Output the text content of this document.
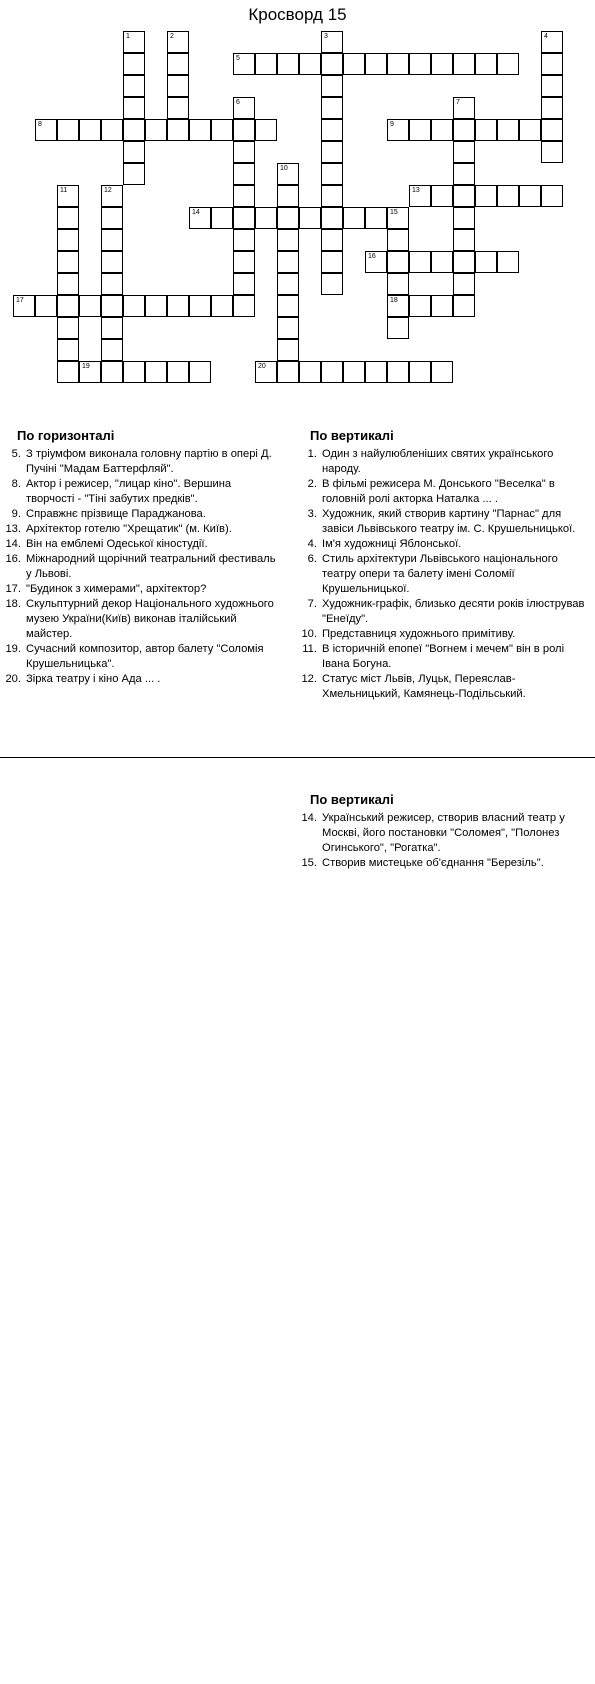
Кросворд 15
1	2	3	4
5
6	7
8	9
10
11	12	13
14	15
18
16
17
19	20
По горизонталі
5. З тріумфом виконала головну партію в опері Д. Пучіні "Мадам Баттерфляй".
8. Актор і режисер, "лицар кіно". Вершина творчості - "Тіні забутих предків".
9. Справжнє прізвище Параджанова.
13. Архітектор готелю "Хрещатик" (м. Київ).
14. Він на емблемі Одеської кіностудії.
16. Міжнародний щорічний театральний фестиваль у Львові.
17. "Будинок з химерами", архітектор?
18. Скульптурний декор Національного художнього музею України(Київ) виконав італійський майстер.
19. Сучасний композитор, автор балету "Соломія Крушельницька".
20. Зірка театру і кіно Ада ... .
По вертикалі
1. Один з найулюбленіших святих українського народу.
2. В фільмі режисера М. Донського "Веселка" в головній ролі акторка Наталка ... .
3. Художник, який створив картину "Парнас" для завіси Львівського театру ім. С. Крушельницької.
4. Ім'я художниці Яблонської.
6. Стиль архітектури Львівського національного театру опери та балету імені Соломії Крушельницької.
7. Художник-графік, близько десяти років ілюстрував "Енеїду".
10. Представниця художнього примітиву.
11. В історичній епопеї "Вогнем і мечем" він в ролі Івана Богуна.
12. Статус міст Львів, Луцьк, Переяслав-Хмельницький, Камянець-Подільський.
По вертикалі
14. Український режисер, створив власний театр у Москві, його постановки "Соломея", "Полонез Огинського", "Рогатка".
15. Створив мистецьке об'єднання "Березіль".
